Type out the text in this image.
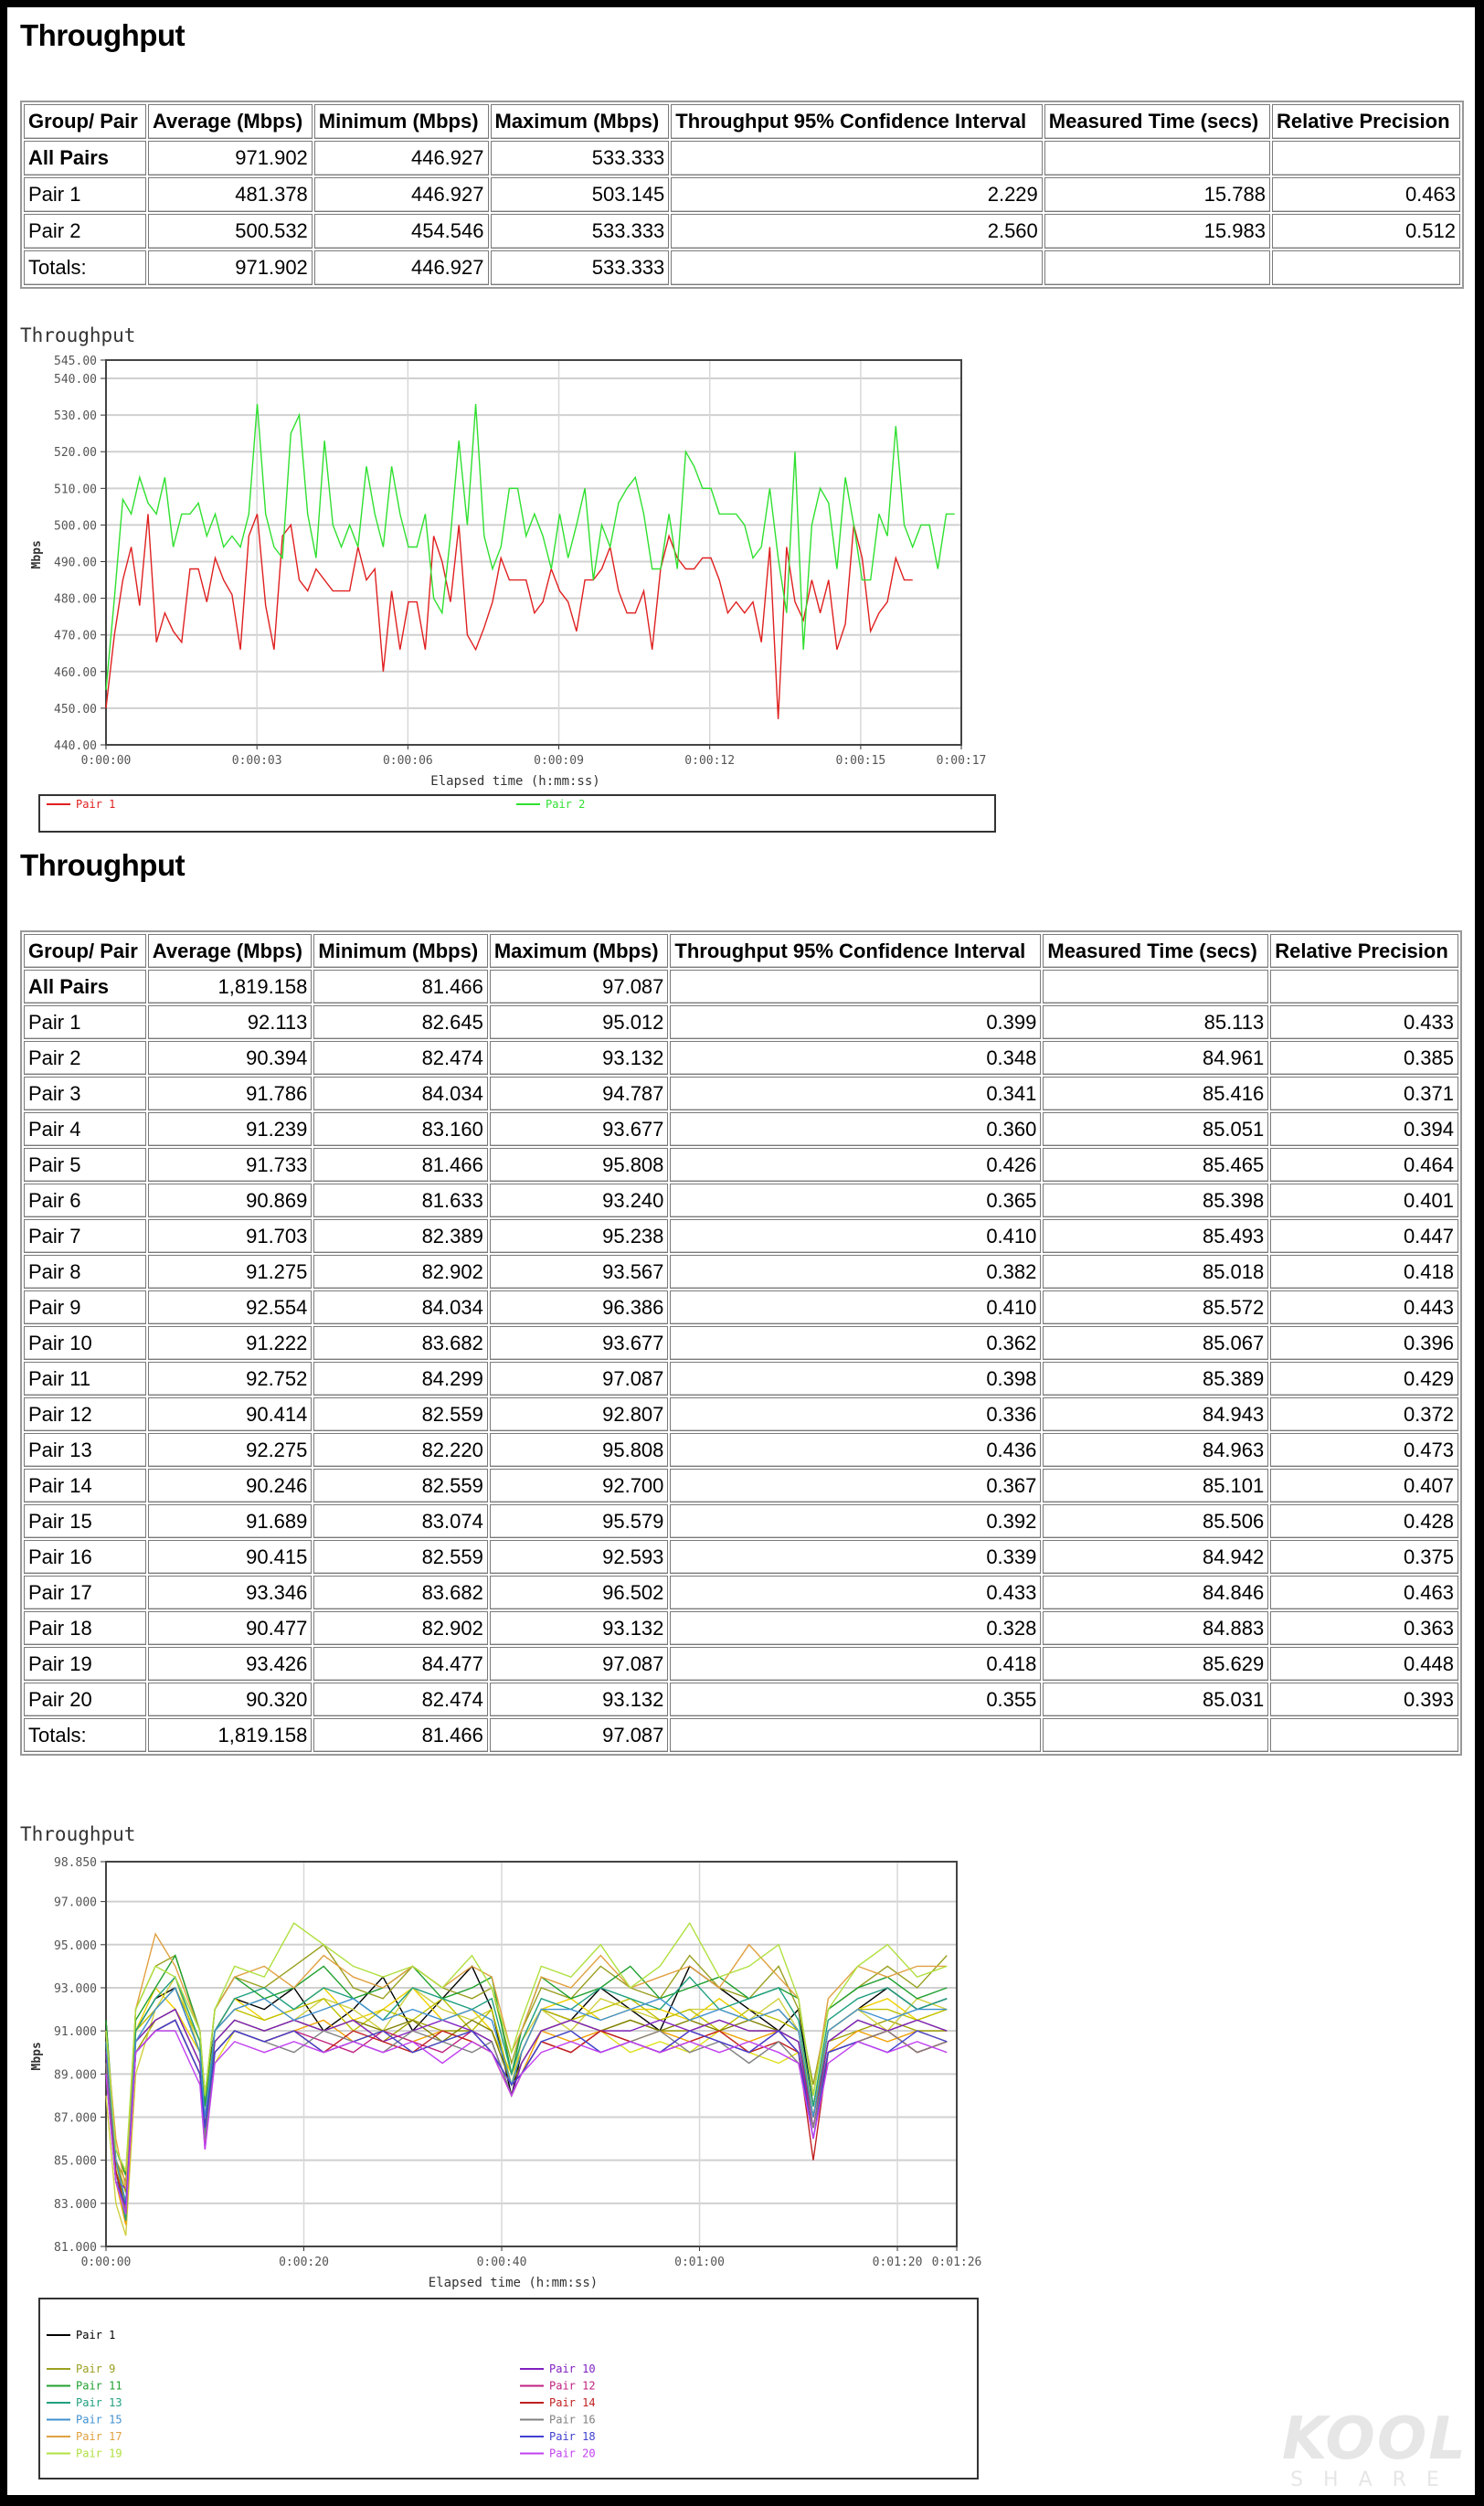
Throughput
Group/ Pair	Average (Mbps)	Minimum (Mbps)	Maximum (Mbps)	Throughput 95% Confidence Interval	Measured Time (secs)	Relative Precision
All Pairs	971.902	446.927	533.333			
Pair 1	481.378	446.927	503.145	2.229	15.788	0.463
Pair 2	500.532	454.546	533.333	2.560	15.983	0.512
Totals:	971.902	446.927	533.333			
Throughput
440.00
450.00
460.00
470.00
480.00
490.00
500.00
510.00
520.00
530.00
540.00
545.00
0:00:00	0:00:03	0:00:06	0:00:09	0:00:12	0:00:15	0:00:17
Elapsed time (h:mm:ss)
Mbps
Pair 1	Pair 2
Throughput
Group/ Pair	Average (Mbps)	Minimum (Mbps)	Maximum (Mbps)	Throughput 95% Confidence Interval	Measured Time (secs)	Relative Precision
All Pairs	1,819.158	81.466	97.087			
Pair 1	92.113	82.645	95.012	0.399	85.113	0.433
Pair 2	90.394	82.474	93.132	0.348	84.961	0.385
Pair 3	91.786	84.034	94.787	0.341	85.416	0.371
Pair 4	91.239	83.160	93.677	0.360	85.051	0.394
Pair 5	91.733	81.466	95.808	0.426	85.465	0.464
Pair 6	90.869	81.633	93.240	0.365	85.398	0.401
Pair 7	91.703	82.389	95.238	0.410	85.493	0.447
Pair 8	91.275	82.902	93.567	0.382	85.018	0.418
Pair 9	92.554	84.034	96.386	0.410	85.572	0.443
Pair 10	91.222	83.682	93.677	0.362	85.067	0.396
Pair 11	92.752	84.299	97.087	0.398	85.389	0.429
Pair 12	90.414	82.559	92.807	0.336	84.943	0.372
Pair 13	92.275	82.220	95.808	0.436	84.963	0.473
Pair 14	90.246	82.559	92.700	0.367	85.101	0.407
Pair 15	91.689	83.074	95.579	0.392	85.506	0.428
Pair 16	90.415	82.559	92.593	0.339	84.942	0.375
Pair 17	93.346	83.682	96.502	0.433	84.846	0.463
Pair 18	90.477	82.902	93.132	0.328	84.883	0.363
Pair 19	93.426	84.477	97.087	0.418	85.629	0.448
Pair 20	90.320	82.474	93.132	0.355	85.031	0.393
Totals:	1,819.158	81.466	97.087			
Throughput
81.000
83.000
85.000
87.000
89.000
91.000
93.000
95.000
97.000
98.850
0:00:00	0:00:20	0:00:40	0:01:00	0:01:20 0:01:26
Elapsed time (h:mm:ss)
Mbps
Pair 1
Pair 9
Pair 11
Pair 13
Pair 15
Pair 17
Pair 19
Pair 10
Pair 12
Pair 14
Pair 16
Pair 18
Pair 20	KOOL
SHARE
